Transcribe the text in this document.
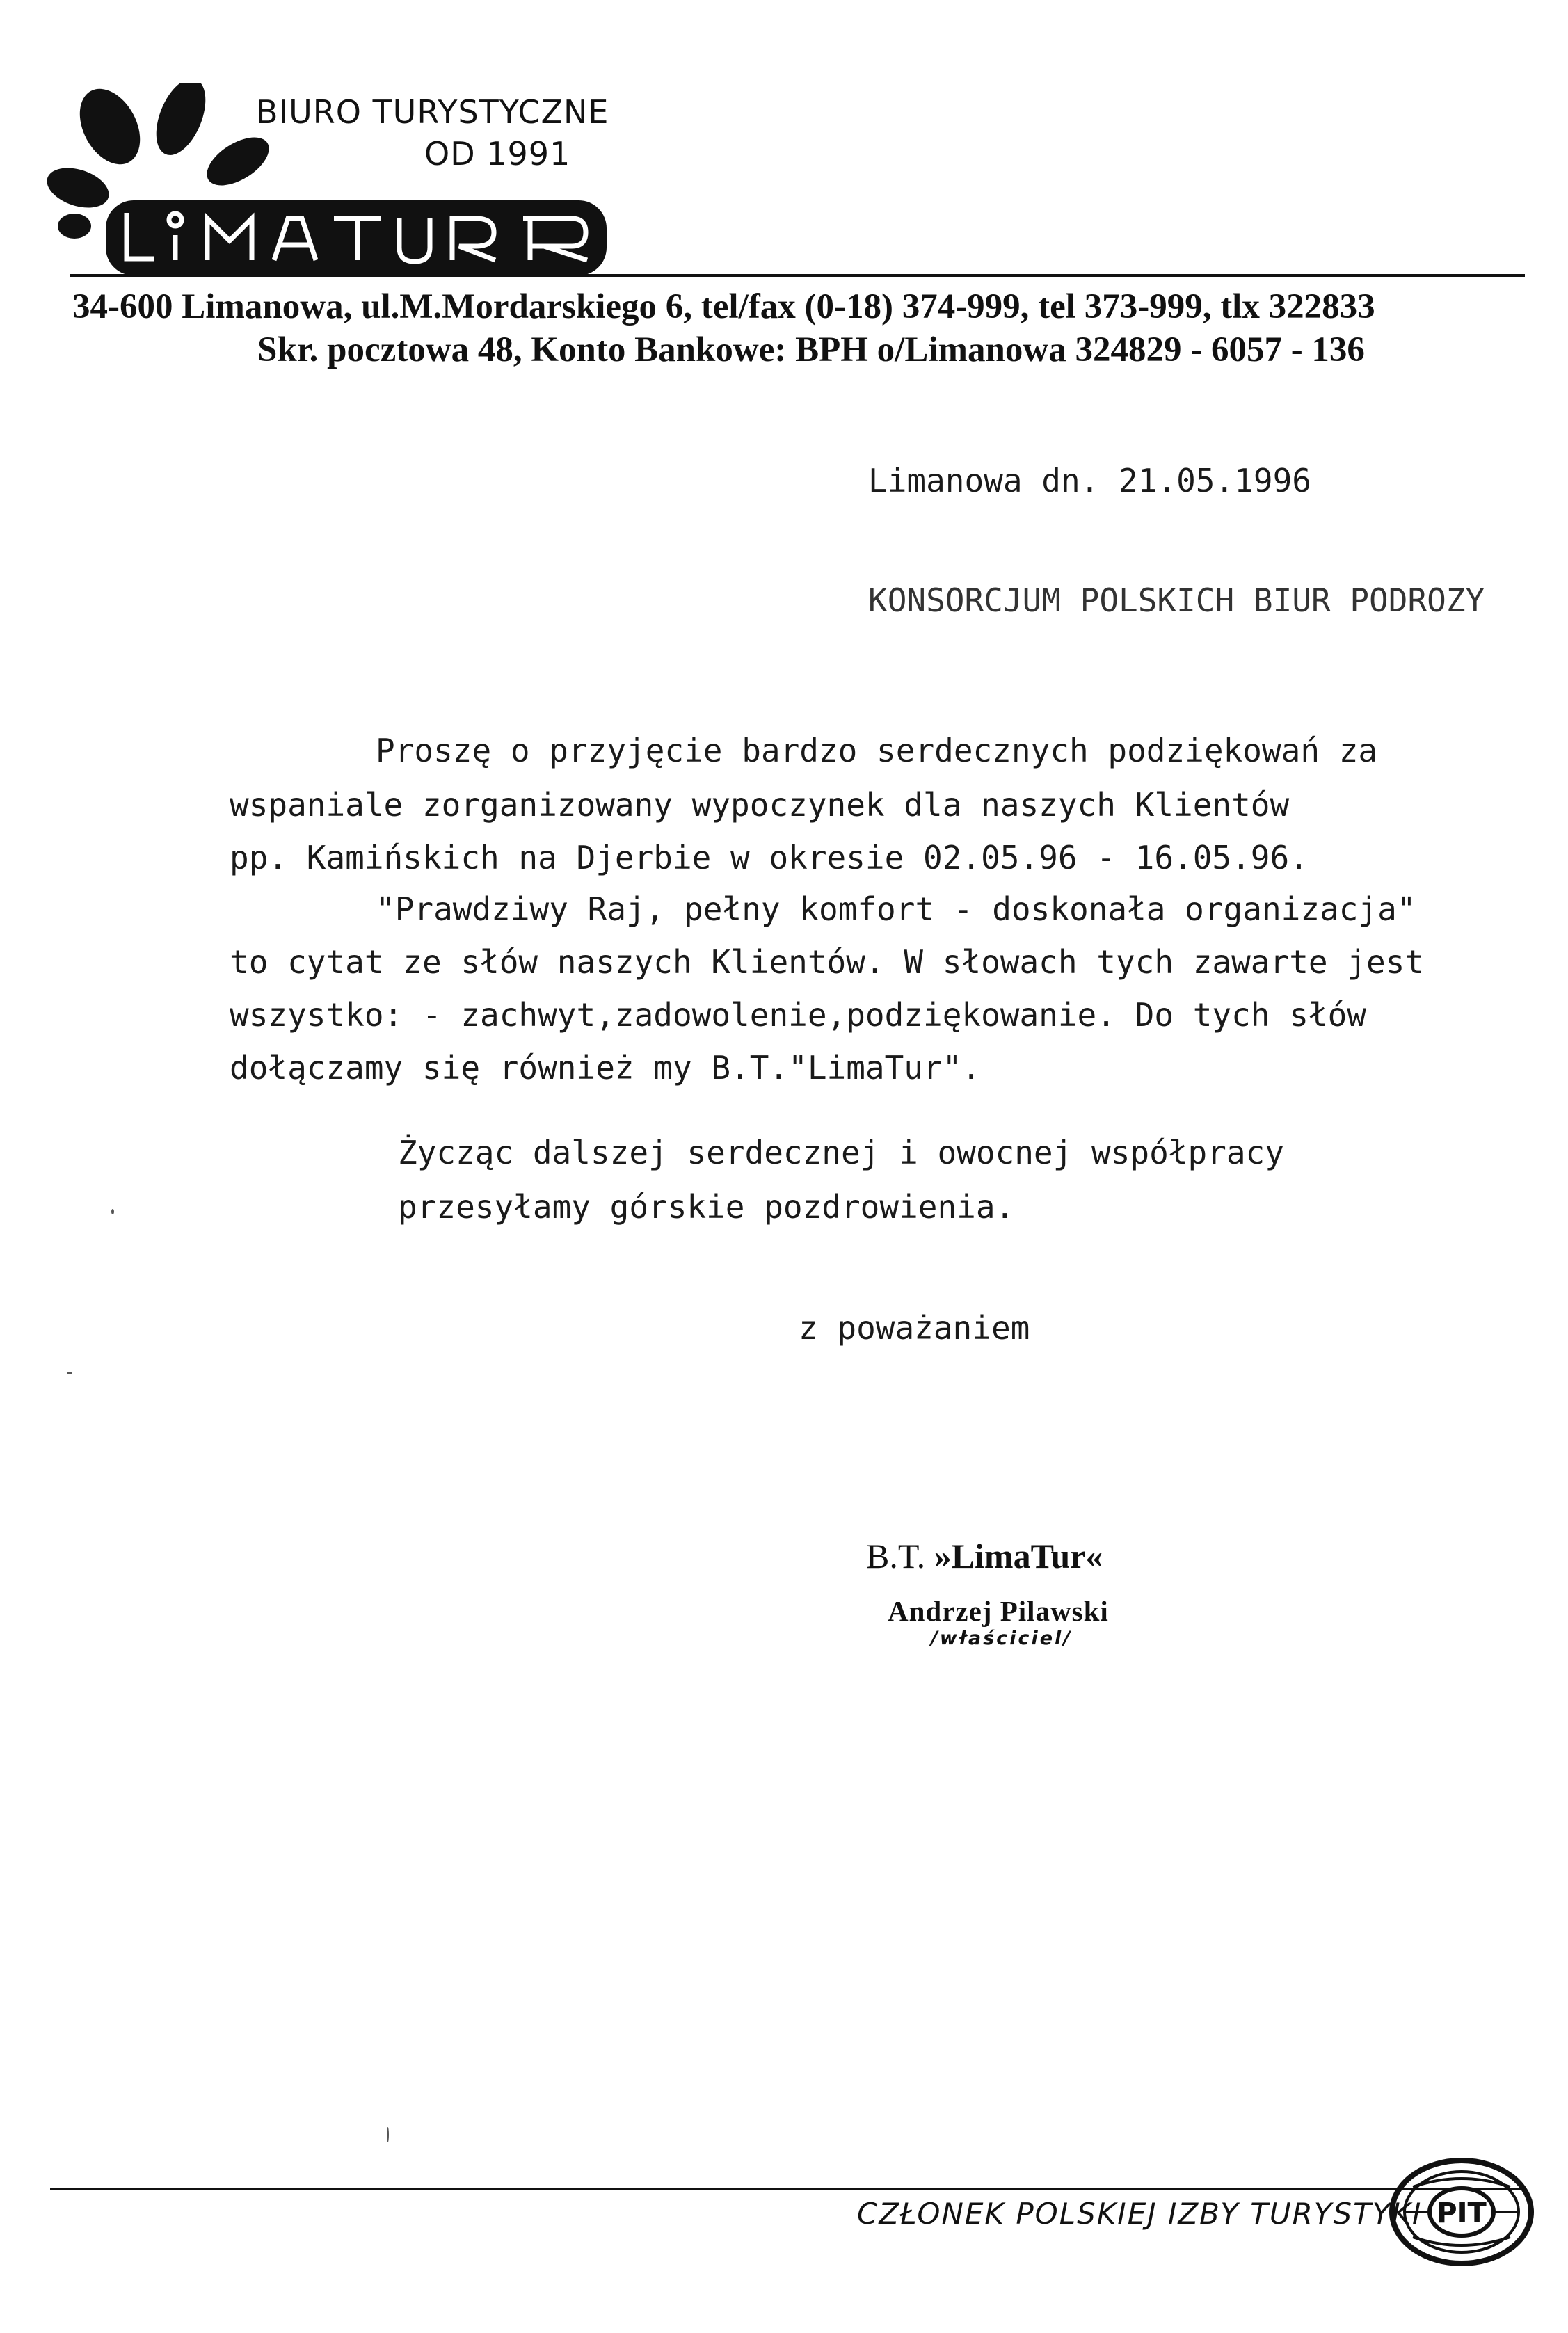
BIURO TURYSTYCZNE
OD 1991
34-600 Limanowa, ul.M.Mordarskiego 6, tel/fax (0-18) 374-999, tel 373-999, tlx 322833
Skr. pocztowa 48, Konto Bankowe: BPH o/Limanowa 324829 - 6057 - 136
Limanowa dn. 21.05.1996
KONSORCJUM POLSKICH BIUR PODROZY
Proszę o przyjęcie bardzo serdecznych podziękowań za
wspaniale zorganizowany wypoczynek dla naszych Klientów
pp. Kamińskich na Djerbie w okresie 02.05.96 - 16.05.96.
"Prawdziwy Raj, pełny komfort - doskonała organizacja"
to cytat ze słów naszych Klientów. W słowach tych zawarte jest
wszystko: - zachwyt,zadowolenie,podziękowanie. Do tych słów
dołączamy się również my B.T."LimaTur".
Życząc dalszej serdecznej i owocnej współpracy
przesyłamy górskie pozdrowienia.
z poważaniem
B.T. »LimaTur«
Andrzej Pilawski
/właściciel/
CZŁONEK POLSKIEJ IZBY TURYSTYKI PIT
